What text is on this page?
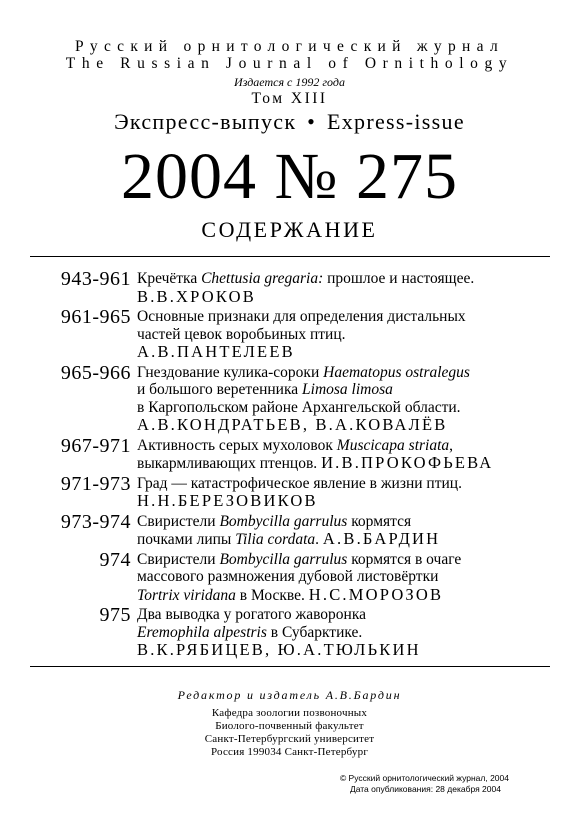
Русский орнитологический журнал
The Russian Journal of Ornithology
Издается с 1992 года
Том XIII
Экспресс-выпуск • Express-issue
2004 № 275
СОДЕРЖАНИЕ
943-961 Кречётка Chettusia gregaria: прошлое и настоящее.
В.В.ХРОКОВ
961-965 Основные признаки для определения дистальных
частей цевок воробьиных птиц.
А.В.ПАНТЕЛЕЕВ
965-966 Гнездование кулика-сороки Haematopus ostralegus
и большого веретенника Limosa limosa
в Каргопольском районе Архангельской области.
А.В.КОНДРАТЬЕВ, В.А.КОВАЛЁВ
967-971 Активность серых мухоловок Muscicapa striata,
выкармливающих птенцов. И.В.ПРОКОФЬЕВА
971-973 Град — катастрофическое явление в жизни птиц.
Н.Н.БЕРЕЗОВИКОВ
973-974 Свиристели Bombycilla garrulus кормятся
почками липы Tilia cordata. А.В.БАРДИН
974 Свиристели Bombycilla garrulus кормятся в очаге
массового размножения дубовой листовёртки
Tortrix viridana в Москве. Н.С.МОРОЗОВ
975 Два выводка у рогатого жаворонка
Eremophila alpestris в Субарктике.
В.К.РЯБИЦЕВ, Ю.А.ТЮЛЬКИН
Редактор и издатель А.В.Бардин
Кафедра зоологии позвоночных
Биолого-почвенный факультет
Санкт-Петербургский университет
Россия 199034 Санкт-Петербург
© Русский орнитологический журнал, 2004
Дата опубликования: 28 декабря 2004
